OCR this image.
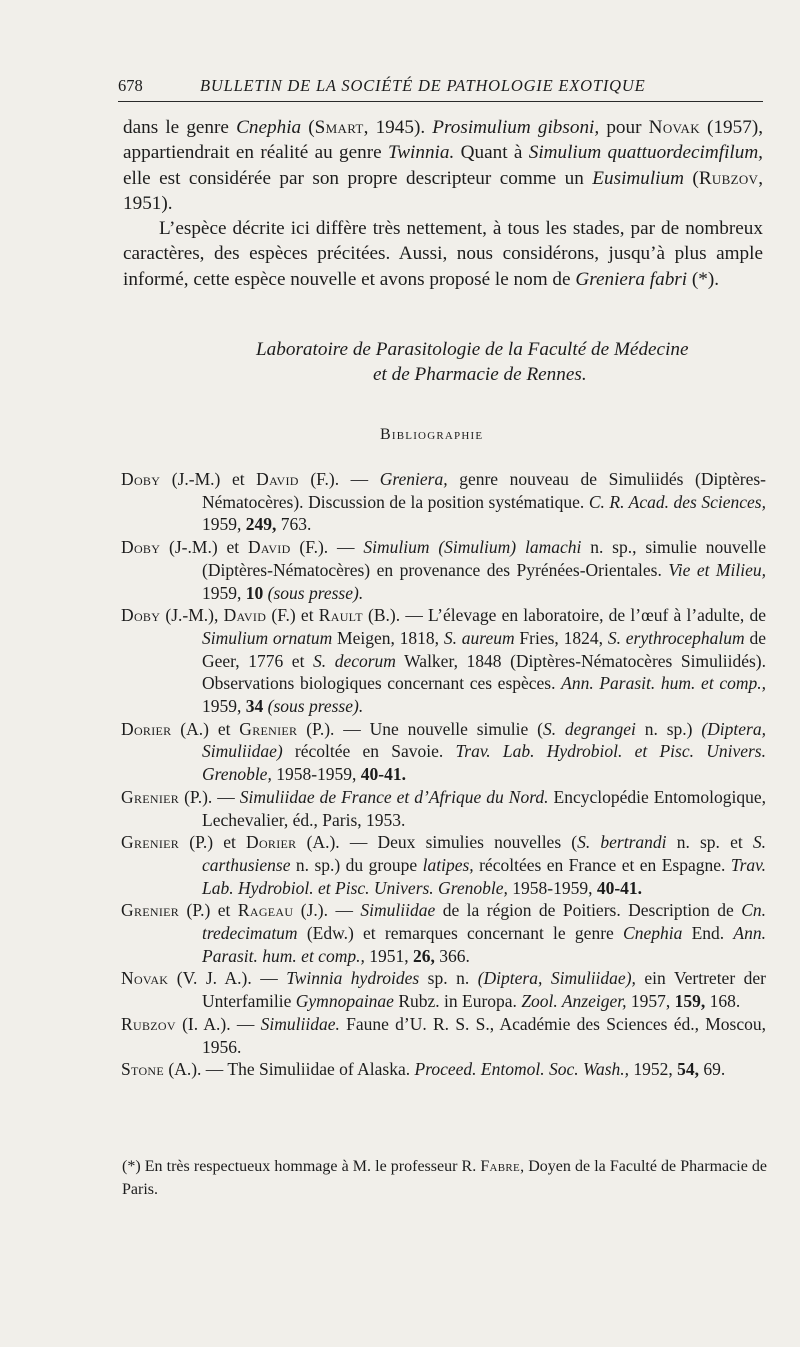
678	BULLETIN DE LA SOCIÉTÉ DE PATHOLOGIE EXOTIQUE

dans le genre Cnephia (Smart, 1945). Prosimulium gibsoni, pour Novak (1957), appartiendrait en réalité au genre Twinnia. Quant à Simulium quattuordecimfilum, elle est considérée par son propre descripteur comme un Eusimulium (Rubzov, 1951).

L’espèce décrite ici diffère très nettement, à tous les stades, par de nombreux caractères, des espèces précitées. Aussi, nous considérons, jusqu’à plus ample informé, cette espèce nouvelle et avons proposé le nom de Greniera fabri (*).

Laboratoire de Parasitologie de la Faculté de Médecine
et de Pharmacie de Rennes.
Bibliographie

Doby (J.-M.) et David (F.). — Greniera, genre nouveau de Simuliidés (Diptères-Nématocères). Discussion de la position systématique. C. R. Acad. des Sciences, 1959, 249, 763.

Doby (J-.M.) et David (F.). — Simulium (Simulium) lamachi n. sp., simulie nouvelle (Diptères-Nématocères) en provenance des Pyrénées-Orientales. Vie et Milieu, 1959, 10 (sous presse).

Doby (J.-M.), David (F.) et Rault (B.). — L’élevage en laboratoire, de l’œuf à l’adulte, de Simulium ornatum Meigen, 1818, S. aureum Fries, 1824, S. erythrocephalum de Geer, 1776 et S. decorum Walker, 1848 (Diptères-Nématocères Simuliidés). Observations biologiques concernant ces espèces. Ann. Parasit. hum. et comp., 1959, 34 (sous presse).

Dorier (A.) et Grenier (P.). — Une nouvelle simulie (S. degrangei n. sp.) (Diptera, Simuliidae) récoltée en Savoie. Trav. Lab. Hydrobiol. et Pisc. Univers. Grenoble, 1958-1959, 40-41.

Grenier (P.). — Simuliidae de France et d’Afrique du Nord. Encyclopédie Entomologique, Lechevalier, éd., Paris, 1953.

Grenier (P.) et Dorier (A.). — Deux simulies nouvelles (S. bertrandi n. sp. et S. carthusiense n. sp.) du groupe latipes, récoltées en France et en Espagne. Trav. Lab. Hydrobiol. et Pisc. Univers. Grenoble, 1958-1959, 40-41.

Grenier (P.) et Rageau (J.). — Simuliidae de la région de Poitiers. Description de Cn. tredecimatum (Edw.) et remarques concernant le genre Cnephia End. Ann. Parasit. hum. et comp., 1951, 26, 366.

Novak (V. J. A.). — Twinnia hydroides sp. n. (Diptera, Simuliidae), ein Vertreter der Unterfamilie Gymnopainae Rubz. in Europa. Zool. Anzeiger, 1957, 159, 168.

Rubzov (I. A.). — Simuliidae. Faune d’U. R. S. S., Académie des Sciences éd., Moscou, 1956.

Stone (A.). — The Simuliidae of Alaska. Proceed. Entomol. Soc. Wash., 1952, 54, 69.

(*) En très respectueux hommage à M. le professeur R. Fabre, Doyen de la Faculté de Pharmacie de Paris.
